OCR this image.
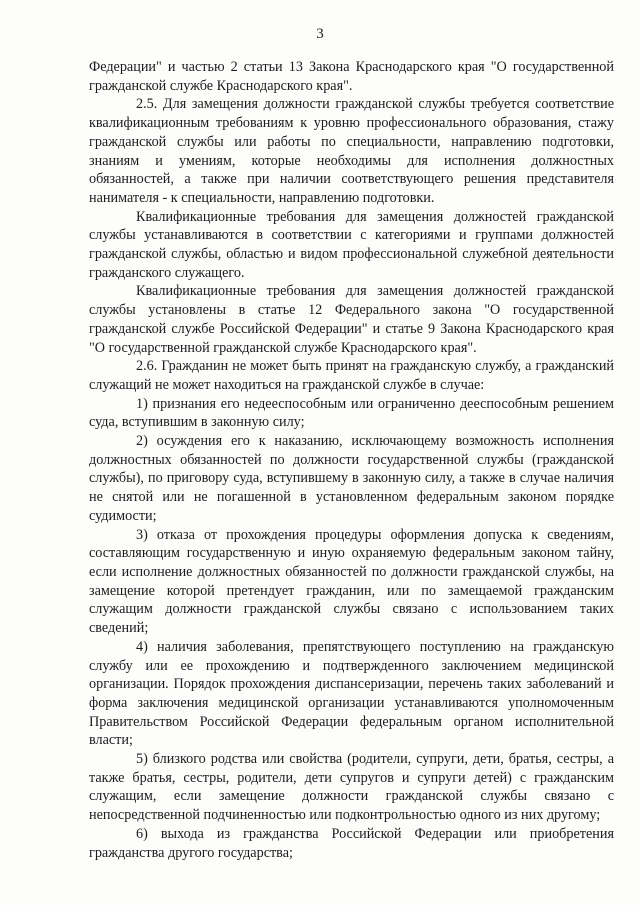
3

Федерации" и частью 2 статьи 13 Закона Краснодарского края "О государственной гражданской службе Краснодарского края".

2.5. Для замещения должности гражданской службы требуется соответствие квалификационным требованиям к уровню профессионального образования, стажу гражданской службы или работы по специальности, направлению подготовки, знаниям и умениям, которые необходимы для исполнения должностных обязанностей, а также при наличии соответствующего решения представителя нанимателя - к специальности, направлению подготовки.

Квалификационные требования для замещения должностей гражданской службы устанавливаются в соответствии с категориями и группами должностей гражданской службы, областью и видом профессиональной служебной деятельности гражданского служащего.

Квалификационные требования для замещения должностей гражданской службы установлены в статье 12 Федерального закона "О государственной гражданской службе Российской Федерации" и статье 9 Закона Краснодарского края "О государственной гражданской службе Краснодарского края".

2.6. Гражданин не может быть принят на гражданскую службу, а гражданский служащий не может находиться на гражданской службе в случае:

1) признания его недееспособным или ограниченно дееспособным решением суда, вступившим в законную силу;

2) осуждения его к наказанию, исключающему возможность исполнения должностных обязанностей по должности государственной службы (гражданской службы), по приговору суда, вступившему в законную силу, а также в случае наличия не снятой или не погашенной в установленном федеральным законом порядке судимости;

3) отказа от прохождения процедуры оформления допуска к сведениям, составляющим государственную и иную охраняемую федеральным законом тайну, если исполнение должностных обязанностей по должности гражданской службы, на замещение которой претендует гражданин, или по замещаемой гражданским служащим должности гражданской службы связано с использованием таких сведений;

4) наличия заболевания, препятствующего поступлению на гражданскую службу или ее прохождению и подтвержденного заключением медицинской организации. Порядок прохождения диспансеризации, перечень таких заболеваний и форма заключения медицинской организации устанавливаются уполномоченным Правительством Российской Федерации федеральным органом исполнительной власти;

5) близкого родства или свойства (родители, супруги, дети, братья, сестры, а также братья, сестры, родители, дети супругов и супруги детей) с гражданским служащим, если замещение должности гражданской службы связано с непосредственной подчиненностью или подконтрольностью одного из них другому;

6) выхода из гражданства Российской Федерации или приобретения гражданства другого государства;
